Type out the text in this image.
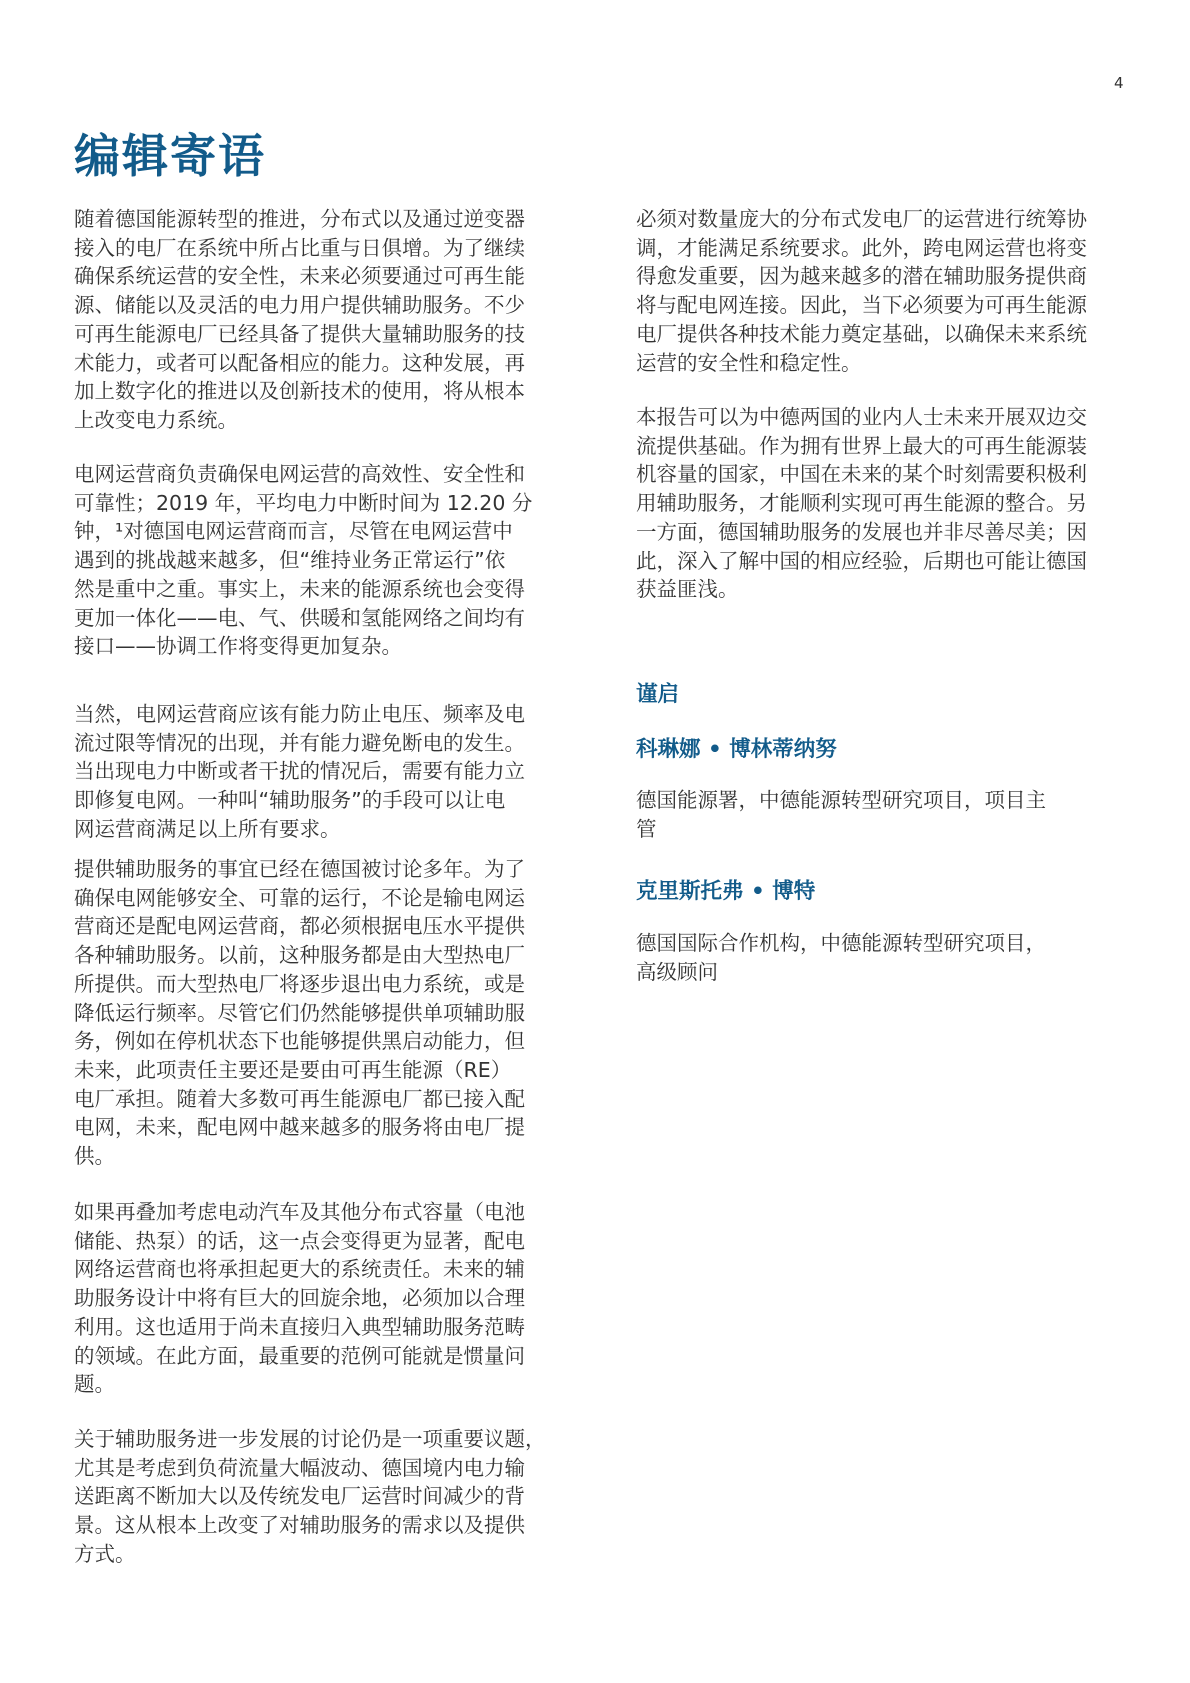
4
编辑寄语
随着德国能源转型的推进，分布式以及通过逆变器
接入的电厂在系统中所占比重与日俱增。为了继续
确保系统运营的安全性，未来必须要通过可再生能
源、储能以及灵活的电力用户提供辅助服务。不少
可再生能源电厂已经具备了提供大量辅助服务的技
术能力，或者可以配备相应的能力。这种发展，再
加上数字化的推进以及创新技术的使用，将从根本
上改变电力系统。
电网运营商负责确保电网运营的高效性、安全性和
可靠性；2019 年，平均电力中断时间为 12.20 分
钟，¹对德国电网运营商而言，尽管在电网运营中
遇到的挑战越来越多，但“维持业务正常运行”依
然是重中之重。事实上，未来的能源系统也会变得
更加一体化——电、气、供暖和氢能网络之间均有
接口——协调工作将变得更加复杂。
当然，电网运营商应该有能力防止电压、频率及电
流过限等情况的出现，并有能力避免断电的发生。
当出现电力中断或者干扰的情况后，需要有能力立
即修复电网。一种叫“辅助服务”的手段可以让电
网运营商满足以上所有要求。
提供辅助服务的事宜已经在德国被讨论多年。为了
确保电网能够安全、可靠的运行，不论是输电网运
营商还是配电网运营商，都必须根据电压水平提供
各种辅助服务。以前，这种服务都是由大型热电厂
所提供。而大型热电厂将逐步退出电力系统，或是
降低运行频率。尽管它们仍然能够提供单项辅助服
务，例如在停机状态下也能够提供黑启动能力，但
未来，此项责任主要还是要由可再生能源（RE）
电厂承担。随着大多数可再生能源电厂都已接入配
电网，未来，配电网中越来越多的服务将由电厂提
供。
如果再叠加考虑电动汽车及其他分布式容量（电池
储能、热泵）的话，这一点会变得更为显著，配电
网络运营商也将承担起更大的系统责任。未来的辅
助服务设计中将有巨大的回旋余地，必须加以合理
利用。这也适用于尚未直接归入典型辅助服务范畴
的领域。在此方面，最重要的范例可能就是惯量问
题。
关于辅助服务进一步发展的讨论仍是一项重要议题，
尤其是考虑到负荷流量大幅波动、德国境内电力输
送距离不断加大以及传统发电厂运营时间减少的背
景。这从根本上改变了对辅助服务的需求以及提供
方式。
必须对数量庞大的分布式发电厂的运营进行统筹协
调，才能满足系统要求。此外，跨电网运营也将变
得愈发重要，因为越来越多的潜在辅助服务提供商
将与配电网连接。因此，当下必须要为可再生能源
电厂提供各种技术能力奠定基础，以确保未来系统
运营的安全性和稳定性。
本报告可以为中德两国的业内人士未来开展双边交
流提供基础。作为拥有世界上最大的可再生能源装
机容量的国家，中国在未来的某个时刻需要积极利
用辅助服务，才能顺利实现可再生能源的整合。另
一方面，德国辅助服务的发展也并非尽善尽美；因
此，深入了解中国的相应经验，后期也可能让德国
获益匪浅。
谨启
科琳娜 • 博林蒂纳努
德国能源署，中德能源转型研究项目，项目主
管
克里斯托弗 • 博特
德国国际合作机构，中德能源转型研究项目，
高级顾问
